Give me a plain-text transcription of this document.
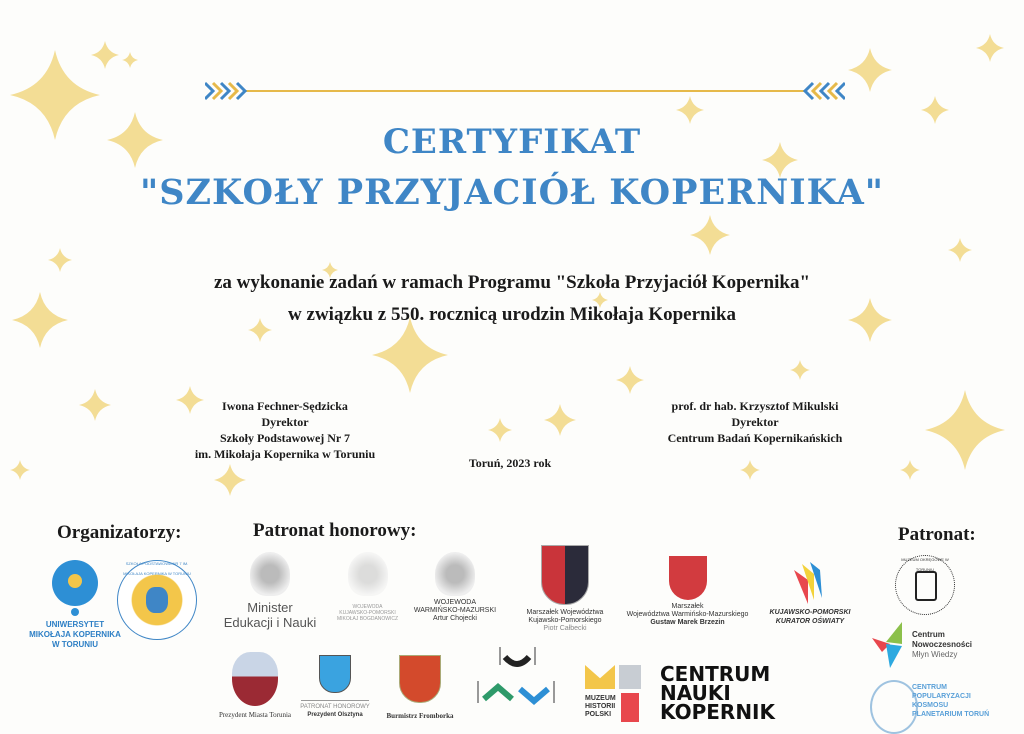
CERTYFIKAT
"SZKOŁY PRZYJACIÓŁ KOPERNIKA"
za wykonanie zadań w ramach Programu "Szkoła Przyjaciół Kopernika"
w związku z 550. rocznicą urodzin Mikołaja Kopernika
Iwona Fechner-Sędzicka
Dyrektor
Szkoły Podstawowej Nr 7
im. Mikołaja Kopernika w Toruniu
prof. dr hab. Krzysztof Mikulski
Dyrektor
Centrum Badań Kopernikańskich
Toruń, 2023 rok
Organizatorzy:	Patronat honorowy:	Patronat:
UNIWERSYTET
MIKOŁAJA KOPERNIKA
W TORUNIU
SZKOŁA PODSTAWOWA NR 7 IM. MIKOŁAJA KOPERNIKA W TORUNIU
Minister
Edukacji i Nauki
WOJEWODA
KUJAWSKO-POMORSKI
MIKOŁAJ BOGDANOWICZ
WOJEWODA
WARMIŃSKO-MAZURSKI
Artur Chojecki
Marszałek Województwa
Kujawsko-Pomorskiego
Piotr Całbecki
Marszałek
Województwa Warmińsko-Mazurskiego
Gustaw Marek Brzezin
KUJAWSKO-POMORSKI
KURATOR OŚWIATY
Prezydent Miasta Torunia
PATRONAT HONOROWY
Prezydent Olsztyna	Burmistrz Fromborka
MUZEUM
HISTORII
POLSKI
CENTRUM
NAUKI
KOPERNIK
MUZEUM OKRĘGOWE W TORUNIU
Centrum
Nowoczesności
Młyn Wiedzy
CENTRUM
POPULARYZACJI
KOSMOSU
PLANETARIUM TORUŃ
